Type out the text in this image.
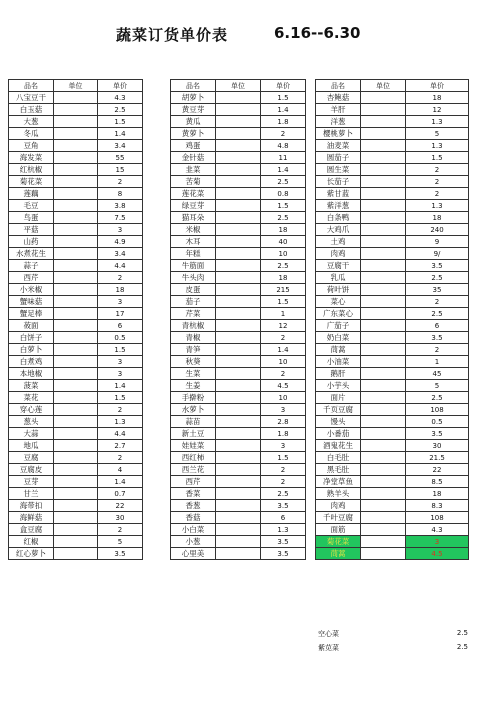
蔬菜订货单价表	6.16--6.30
品名	单位	单价
八宝豆干		4.3
白玉菇		2.5
大葱		1.5
冬瓜		1.4
豆角		3.4
海发菜		55
红杭椒		15
菊花菜		2
莲藕		8
毛豆		3.8
鸟蛋		7.5
平菇		3
山药		4.9
水煮花生		3.4
蒜子		4.4
西芹		2
小米椒		18
蟹味菇		3
蟹足棒		17
莜面		6
白饼子		0.5
白萝卜		1.5
白煮鸡		3
本地椒		3
菠菜		1.4
菜花		1.5
穿心莲		2
葱头		1.3
大蒜		4.4
地瓜		2.7
豆腐		2
豆腐皮		4
豆芽		1.4
甘兰		0.7
海带扣		22
海鲜菇		30
盒豆腐		2
红椒		5
红心萝卜		3.5
品名	单位	单价
胡萝卜		1.5
黄豆芽		1.4
黄瓜		1.8
黄萝卜		2
鸡蛋		4.8
金针菇		11
韭菜		1.4
苦菊		2.5
莲花菜		0.8
绿豆芽		1.5
猫耳朵		2.5
米椒		18
木耳		40
年糕		10
牛筋面		2.5
牛头肉		18
皮蛋		215
茄子		1.5
芹菜		1
青杭椒		12
青椒		2
青笋		1.4
秋葵		10
生菜		2
生姜		4.5
手擀粉		10
水萝卜		3
蒜苗		2.8
新土豆		1.8
娃娃菜		3
西红柿		1.5
西兰花		2
西芹		2
香菜		2.5
香葱		3.5
香菇		6
小白菜		1.3
小葱		3.5
心里美		3.5
品名	单位	单价
杏鲍菇		18
羊肝		12
洋葱		1.3
樱桃萝卜		5
油麦菜		1.3
圆茄子		1.5
圆生菜		2
长茄子		2
紫甘蓝		2
紫洋葱		1.3
白条鸭		18
大鸡爪		240
土鸡		9
肉鸡		9/
豆腐干		3.5
乳瓜		2.5
荷叶饼		35
菜心		2
广东菜心		2.5
广茄子		6
奶白菜		3.5
茼蒿		2
小油菜		1
鹅肝		45
小芋头		5
面片		2.5
千页豆腐		108
馒头		0.5
小番茄		3.5
酒鬼花生		30
白毛肚		21.5
黑毛肚		22
净堂草鱼		8.5
熟羊头		18
肉鸡		8.3
千叶豆腐		108
面筋		4.3
菊花菜		3
茼蒿		4.5
空心菜	2.5
紫苋菜	2.5
